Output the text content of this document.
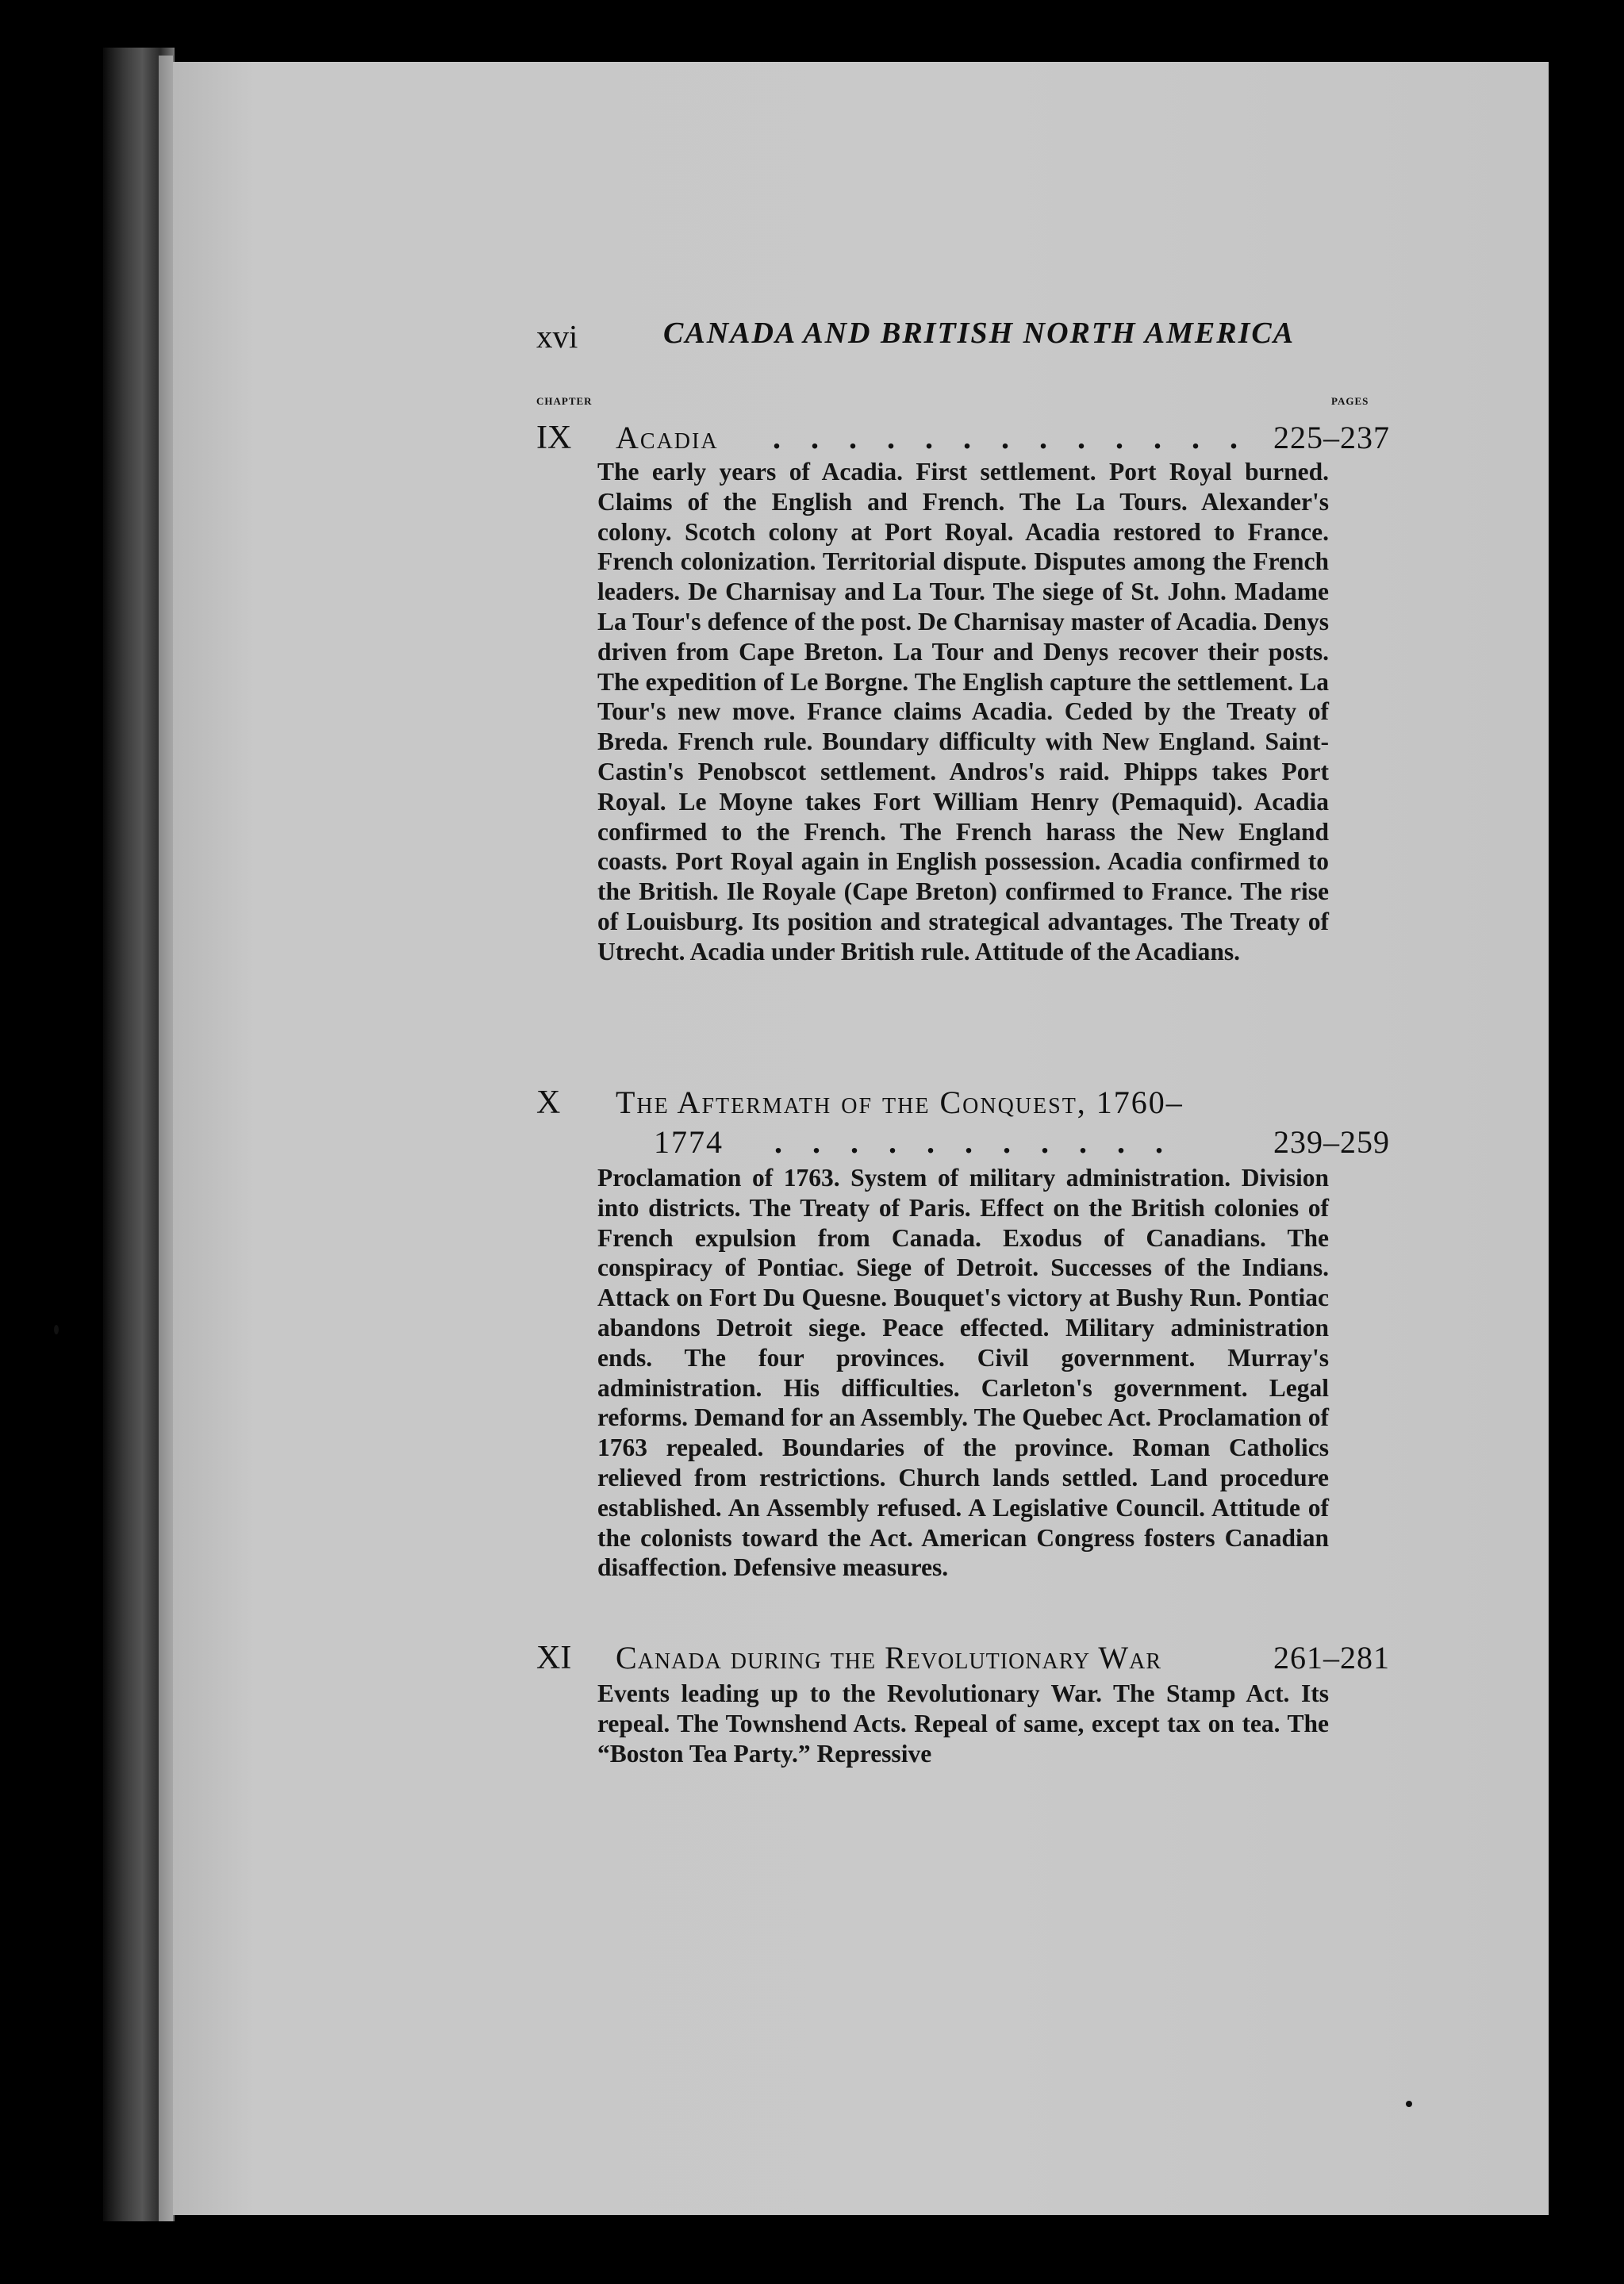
xvi	CANADA AND BRITISH NORTH AMERICA
CHAPTER	PAGES
IX Acadia . . . . . . . . . . . . . 225–237
The early years of Acadia. First settlement. Port Royal burned. Claims of the English and French. The La Tours. Alexander's colony. Scotch colony at Port Royal. Acadia restored to France. French colonization. Territorial dispute. Disputes among the French leaders. De Charnisay and La Tour. The siege of St. John. Madame La Tour's defence of the post. De Charnisay master of Acadia. Denys driven from Cape Breton. La Tour and Denys recover their posts. The expedition of Le Borgne. The English capture the settlement. La Tour's new move. France claims Acadia. Ceded by the Treaty of Breda. French rule. Boundary difficulty with New England. Saint-Castin's Penobscot settlement. Andros's raid. Phipps takes Port Royal. Le Moyne takes Fort William Henry (Pemaquid). Acadia confirmed to the French. The French harass the New England coasts. Port Royal again in English possession. Acadia confirmed to the British. Ile Royale (Cape Breton) confirmed to France. The rise of Louisburg. Its position and strategical advantages. The Treaty of Utrecht. Acadia under British rule. Attitude of the Acadians.
X The Aftermath of the Conquest, 1760–
1774 . . . . . . . . . . .	239–259
Proclamation of 1763. System of military administration. Division into districts. The Treaty of Paris. Effect on the British colonies of French expulsion from Canada. Exodus of Canadians. The conspiracy of Pontiac. Siege of Detroit. Successes of the Indians. Attack on Fort Du Quesne. Bouquet's victory at Bushy Run. Pontiac abandons Detroit siege. Peace effected. Military administration ends. The four provinces. Civil government. Murray's administration. His difficulties. Carleton's government. Legal reforms. Demand for an Assembly. The Quebec Act. Proclamation of 1763 repealed. Boundaries of the province. Roman Catholics relieved from restrictions. Church lands settled. Land procedure established. An Assembly refused. A Legislative Council. Attitude of the colonists toward the Act. American Congress fosters Canadian disaffection. Defensive measures.
XI Canada during the Revolutionary War	261–281
Events leading up to the Revolutionary War. The Stamp Act. Its repeal. The Townshend Acts. Repeal of same, except tax on tea. The “Boston Tea Party.” Repressive
